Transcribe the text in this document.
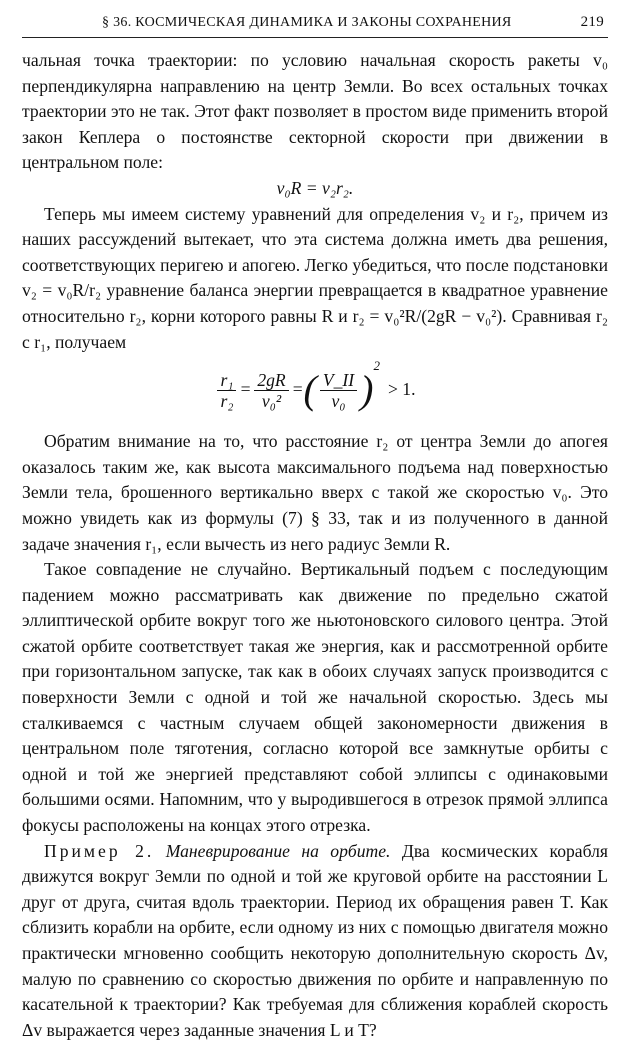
§ 36. КОСМИЧЕСКАЯ ДИНАМИКА И ЗАКОНЫ СОХРАНЕНИЯ	219

чальная точка траектории: по условию начальная скорость ракеты v₀ перпендикулярна направлению на центр Земли. Во всех остальных точках траектории это не так. Этот факт позволяет в простом виде применить второй закон Кеплера о постоянстве секторной скорости при движении в центральном поле:

v₀R = v₂r₂.

Теперь мы имеем систему уравнений для определения v₂ и r₂, причем из наших рассуждений вытекает, что эта система должна иметь два решения, соответствующих перигею и апогею. Легко убедиться, что после подстановки v₂ = v₀R/r₂ уравнение баланса энергии превращается в квадратное уравнение относительно r₂, корни которого равны R и r₂ = v₀²R/(2gR − v₀²). Сравнивая r₂ с r₁, получаем

$\frac{\text{r₁}}{\text{r₂}} = \frac{2gR}{\text{v₀²}}$ = ( $\frac{V\_II}{\text{v₀}}$ )
2
> 1.

Обратим внимание на то, что расстояние r₂ от центра Земли до апогея оказалось таким же, как высота максимального подъема над поверхностью Земли тела, брошенного вертикально вверх с такой же скоростью v₀. Это можно увидеть как из формулы (7) § 33, так и из полученного в данной задаче значения r₁, если вычесть из него радиус Земли R.

Такое совпадение не случайно. Вертикальный подъем с последующим падением можно рассматривать как движение по предельно сжатой эллиптической орбите вокруг того же ньютоновского силового центра. Этой сжатой орбите соответствует такая же энергия, как и рассмотренной орбите при горизонтальном запуске, так как в обоих случаях запуск производится с поверхности Земли с одной и той же начальной скоростью. Здесь мы сталкиваемся с частным случаем общей закономерности движения в центральном поле тяготения, согласно которой все замкнутые орбиты с одной и той же энергией представляют собой эллипсы с одинаковыми большими осями. Напомним, что у выродившегося в отрезок прямой эллипса фокусы расположены на концах этого отрезка.

Пример 2. Маневрирование на орбите. Два космических корабля движутся вокруг Земли по одной и той же круговой орбите на расстоянии L друг от друга, считая вдоль траектории. Период их обращения равен T. Как сблизить корабли на орбите, если одному из них с помощью двигателя можно практически мгновенно сообщить некоторую дополнительную скорость Δv, малую по сравнению со скоростью движения по орбите и направленную по касательной к траектории? Как требуемая для сближения кораблей скорость Δv выражается через заданные значения L и T?
